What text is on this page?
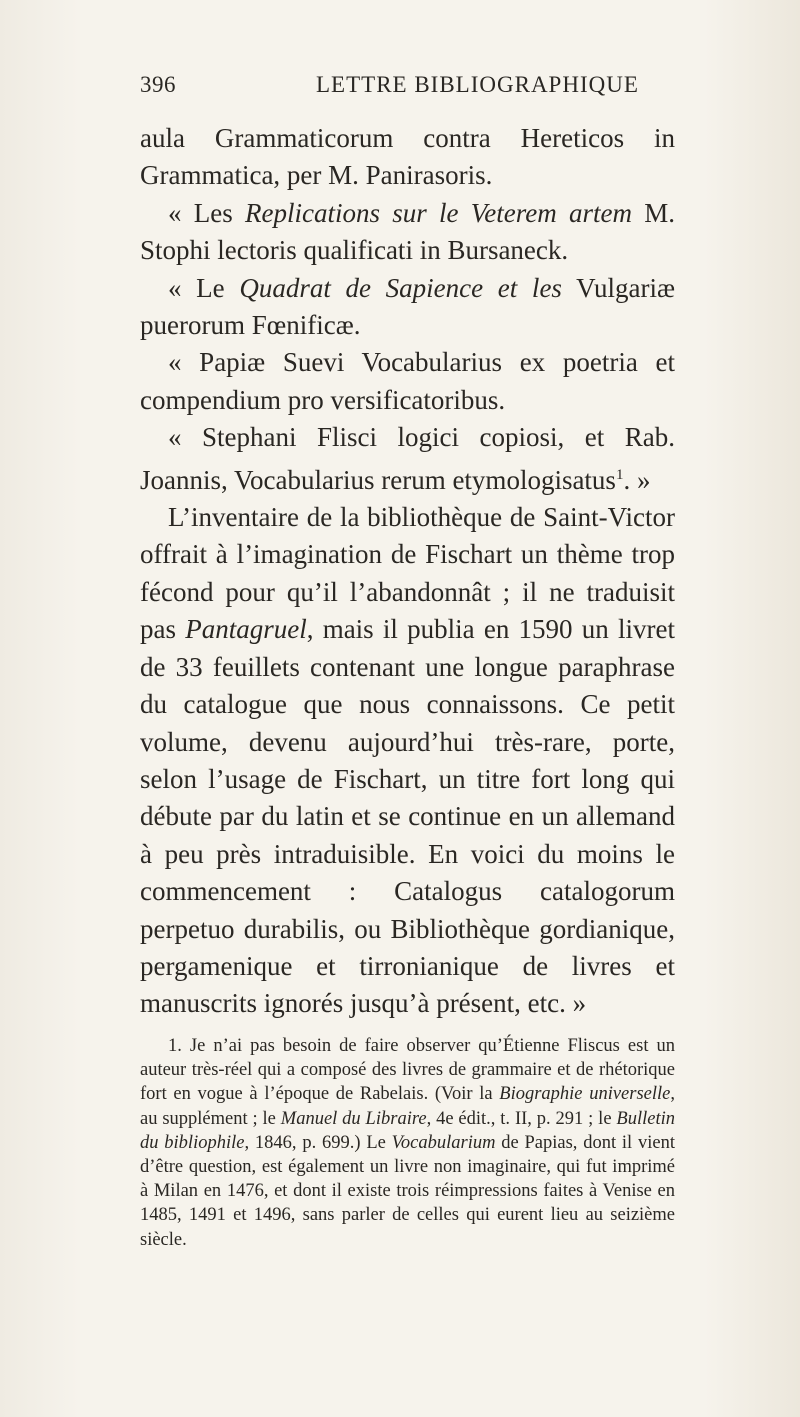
396	LETTRE BIBLIOGRAPHIQUE

aula Grammaticorum contra Hereticos in Grammatica, per M. Panirasoris.

« Les Replications sur le Veterem artem M. Stophi lectoris qualificati in Bursaneck.

« Le Quadrat de Sapience et les Vulgariæ puerorum Fœnificæ.

« Papiæ Suevi Vocabularius ex poetria et compendium pro versificatoribus.

« Stephani Flisci logici copiosi, et Rab. Joannis, Vocabularius rerum etymologisatus$^1$. »

L’inventaire de la bibliothèque de Saint-Victor offrait à l’imagination de Fischart un thème trop fécond pour qu’il l’abandonnât ; il ne traduisit pas Pantagruel, mais il publia en 1590 un livret de 33 feuillets contenant une longue paraphrase du catalogue que nous connaissons. Ce petit volume, devenu aujourd’hui très-rare, porte, selon l’usage de Fischart, un titre fort long qui débute par du latin et se continue en un allemand à peu près intraduisible. En voici du moins le commencement : Catalogus catalogorum perpetuo durabilis, ou Bibliothèque gordianique, pergamenique et tirronianique de livres et manuscrits ignorés jusqu’à présent, etc. »

1. Je n’ai pas besoin de faire observer qu’Étienne Fliscus est un auteur très-réel qui a composé des livres de grammaire et de rhétorique fort en vogue à l’époque de Rabelais. (Voir la Biographie universelle, au supplément ; le Manuel du Libraire, 4e édit., t. II, p. 291 ; le Bulletin du bibliophile, 1846, p. 699.) Le Vocabularium de Papias, dont il vient d’être question, est également un livre non imaginaire, qui fut imprimé à Milan en 1476, et dont il existe trois réimpressions faites à Venise en 1485, 1491 et 1496, sans parler de celles qui eurent lieu au seizième siècle.
